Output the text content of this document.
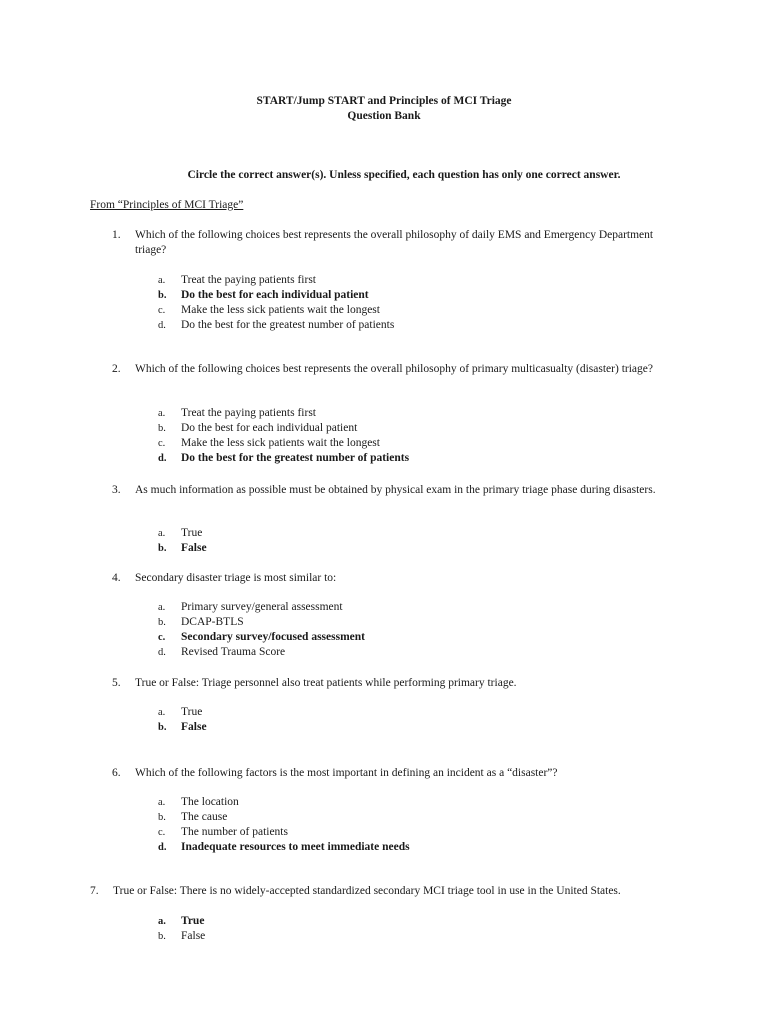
START/Jump START and Principles of MCI Triage
Question Bank
Circle the correct answer(s). Unless specified, each question has only one correct answer.
From “Principles of MCI Triage”
1. Which of the following choices best represents the overall philosophy of daily EMS and Emergency Department triage?
a. Treat the paying patients first
b. Do the best for each individual patient
c. Make the less sick patients wait the longest
d. Do the best for the greatest number of patients
2. Which of the following choices best represents the overall philosophy of primary multicasualty (disaster) triage?
a. Treat the paying patients first
b. Do the best for each individual patient
c. Make the less sick patients wait the longest
d. Do the best for the greatest number of patients
3. As much information as possible must be obtained by physical exam in the primary triage phase during disasters.
a. True
b. False
4. Secondary disaster triage is most similar to:
a. Primary survey/general assessment
b. DCAP-BTLS
c. Secondary survey/focused assessment
d. Revised Trauma Score
5. True or False: Triage personnel also treat patients while performing primary triage.
a. True
b. False
6. Which of the following factors is the most important in defining an incident as a “disaster”?
a. The location
b. The cause
c. The number of patients
d. Inadequate resources to meet immediate needs
7. True or False: There is no widely-accepted standardized secondary MCI triage tool in use in the United States.
a. True
b. False
